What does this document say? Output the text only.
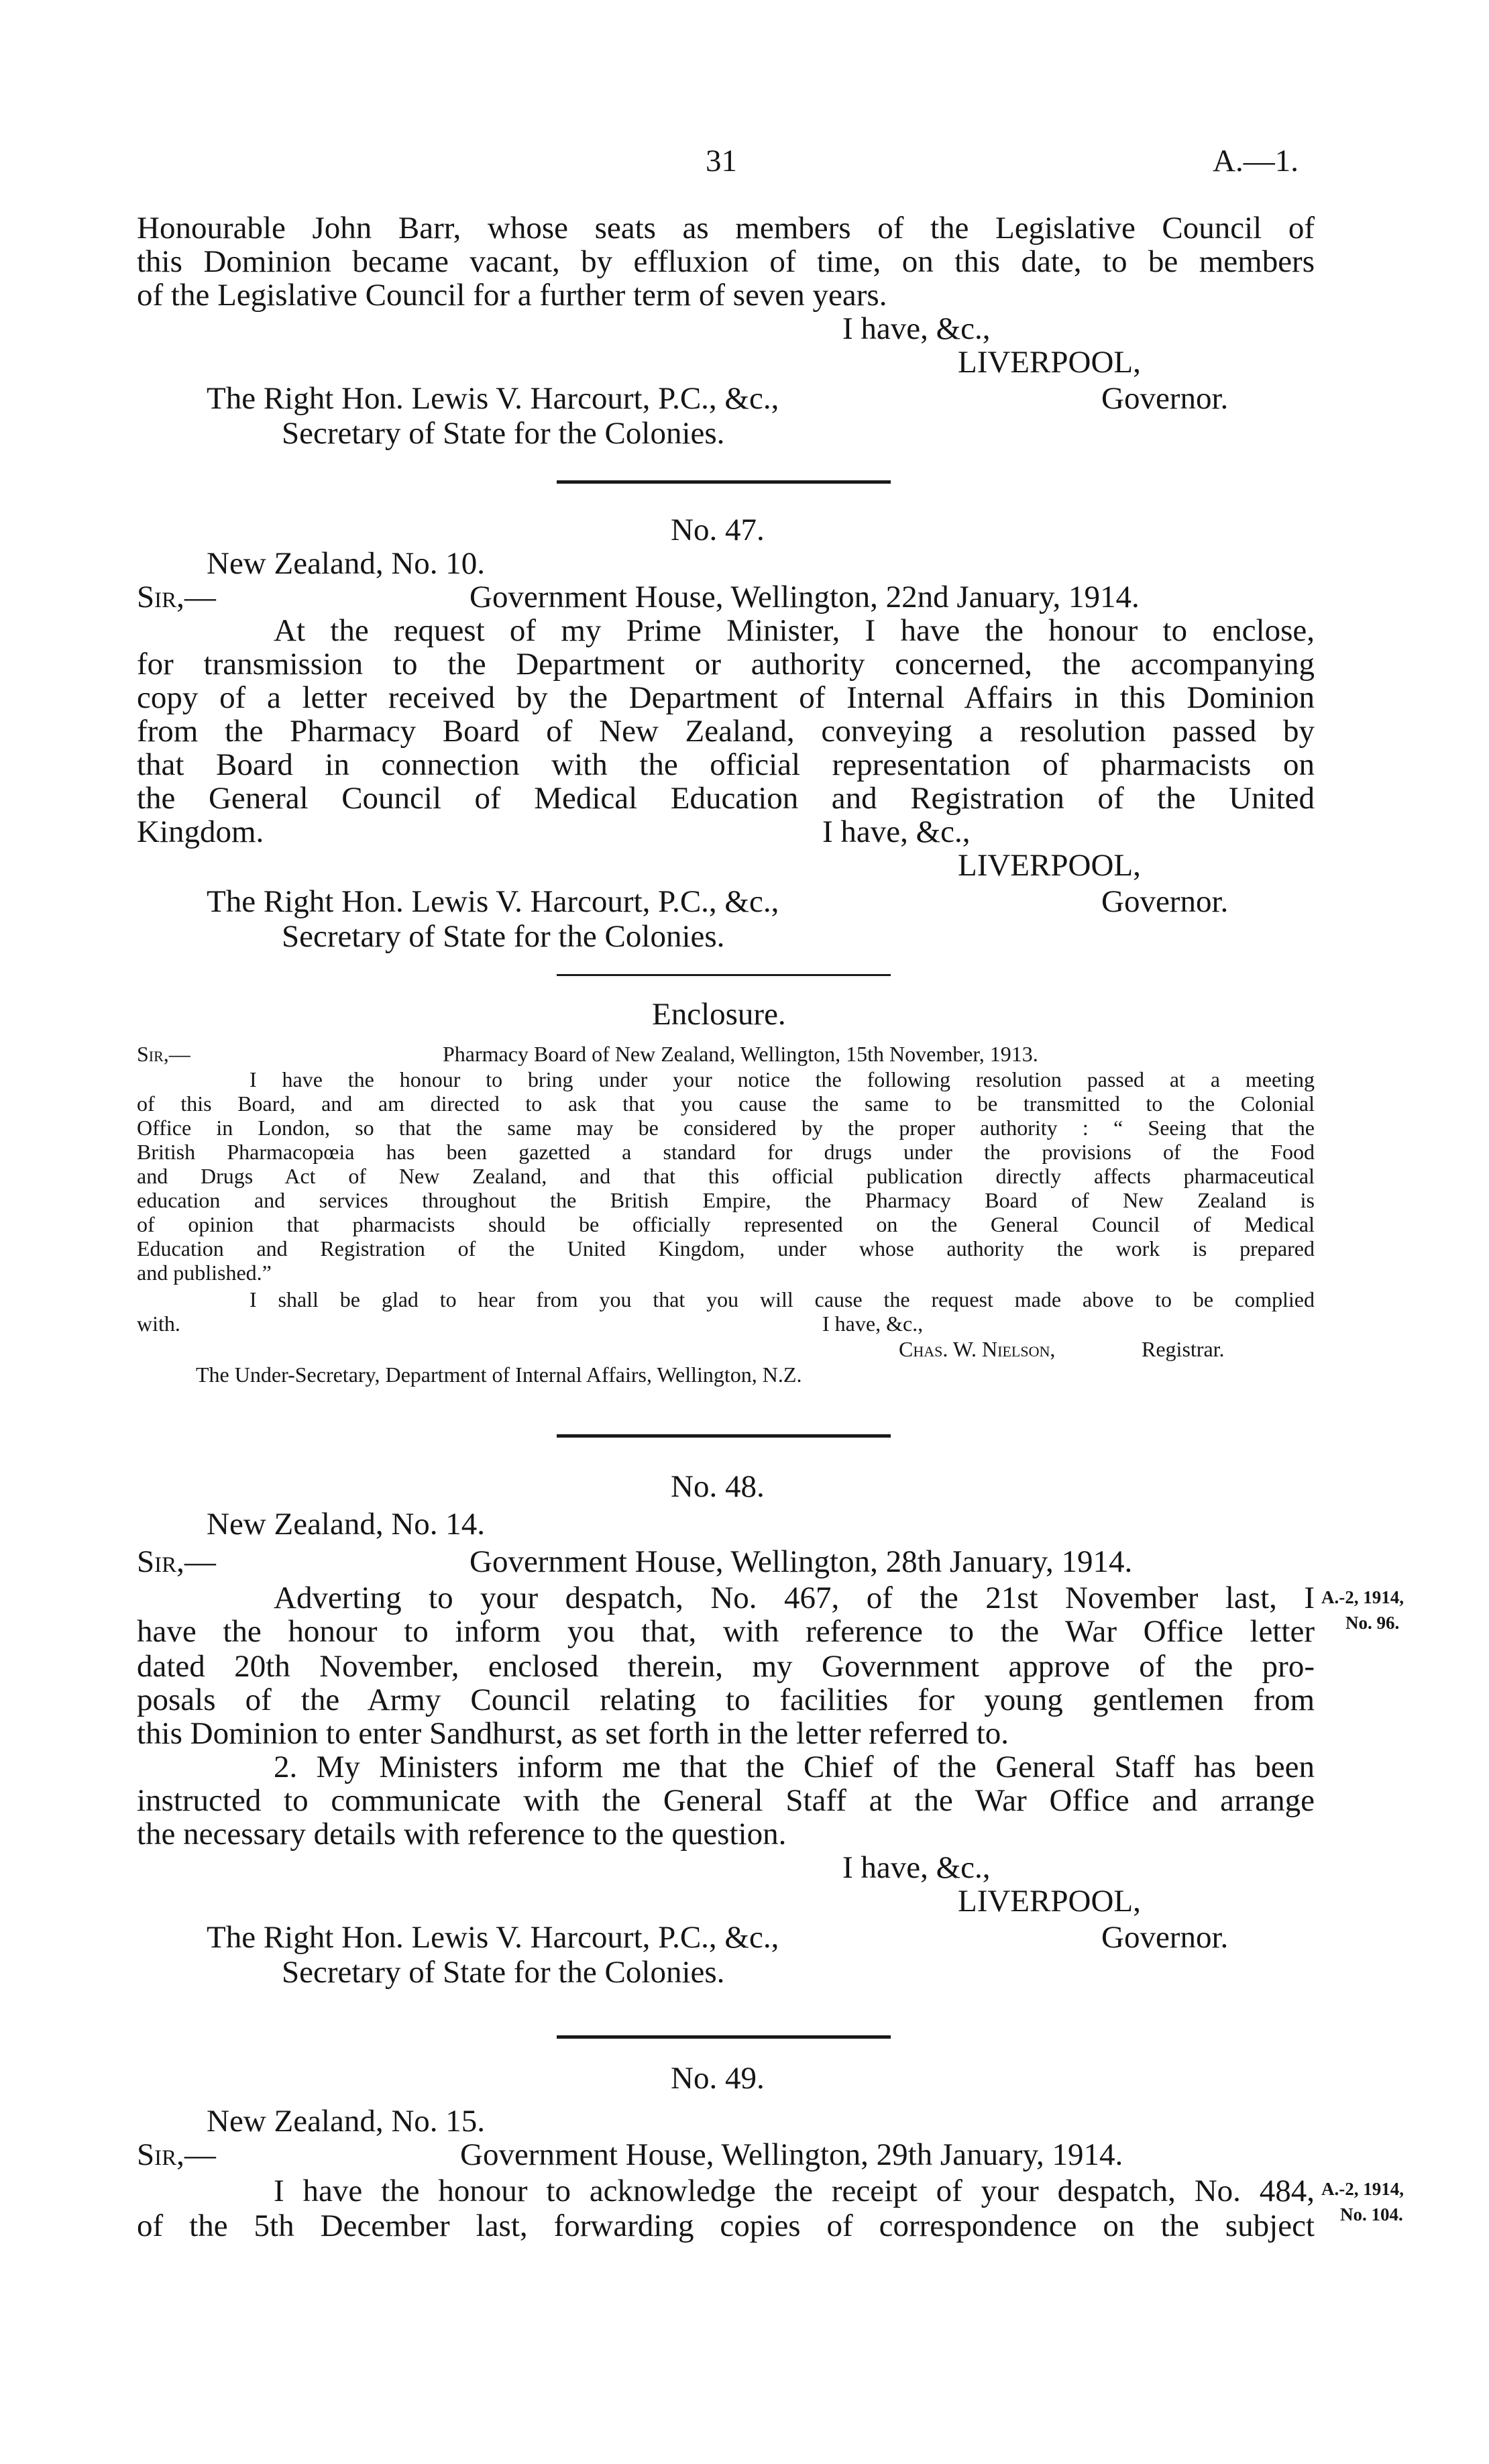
31	A.—1.
Honourable John Barr, whose seats as members of the Legislative Council of
this Dominion became vacant, by effluxion of time, on this date, to be members
of the Legislative Council for a further term of seven years.
I have, &c.,
LIVERPOOL,
The Right Hon. Lewis V. Harcourt, P.C., &c.,	Governor.
Secretary of State for the Colonies.
No. 47.
New Zealand, No. 10.
Sir,—	Government House, Wellington, 22nd January, 1914.
At the request of my Prime Minister, I have the honour to enclose,
for transmission to the Department or authority concerned, the accompanying
copy of a letter received by the Department of Internal Affairs in this Dominion
from the Pharmacy Board of New Zealand, conveying a resolution passed by
that Board in connection with the official representation of pharmacists on
the General Council of Medical Education and Registration of the United
Kingdom.	I have, &c.,
LIVERPOOL,
The Right Hon. Lewis V. Harcourt, P.C., &c.,	Governor.
Secretary of State for the Colonies.
Enclosure.
Sir,—	Pharmacy Board of New Zealand, Wellington, 15th November, 1913.
I have the honour to bring under your notice the following resolution passed at a meeting
of this Board, and am directed to ask that you cause the same to be transmitted to the Colonial
Office in London, so that the same may be considered by the proper authority : “ Seeing that the
British Pharmacopœia has been gazetted a standard for drugs under the provisions of the Food
and Drugs Act of New Zealand, and that this official publication directly affects pharmaceutical
education and services throughout the British Empire, the Pharmacy Board of New Zealand is
of opinion that pharmacists should be officially represented on the General Council of Medical
Education and Registration of the United Kingdom, under whose authority the work is prepared
and published.”
I shall be glad to hear from you that you will cause the request made above to be complied
with.	I have, &c.,
Chas. W. Nielson,	Registrar.
The Under-Secretary, Department of Internal Affairs, Wellington, N.Z.
No. 48.
New Zealand, No. 14.
Sir,—	Government House, Wellington, 28th January, 1914.
Adverting to your despatch, No. 467, of the 21st November last, I
have the honour to inform you that, with reference to the War Office letter
dated 20th November, enclosed therein, my Government approve of the pro-
posals of the Army Council relating to facilities for young gentlemen from
this Dominion to enter Sandhurst, as set forth in the letter referred to.
2. My Ministers inform me that the Chief of the General Staff has been
instructed to communicate with the General Staff at the War Office and arrange
the necessary details with reference to the question.
I have, &c.,
LIVERPOOL,
The Right Hon. Lewis V. Harcourt, P.C., &c.,	Governor.
Secretary of State for the Colonies.
A.-2, 1914,
No. 96.
No. 49.
New Zealand, No. 15.
Sir,—	Government House, Wellington, 29th January, 1914.
I have the honour to acknowledge the receipt of your despatch, No. 484,
of the 5th December last, forwarding copies of correspondence on the subject
A.-2, 1914,
No. 104.
